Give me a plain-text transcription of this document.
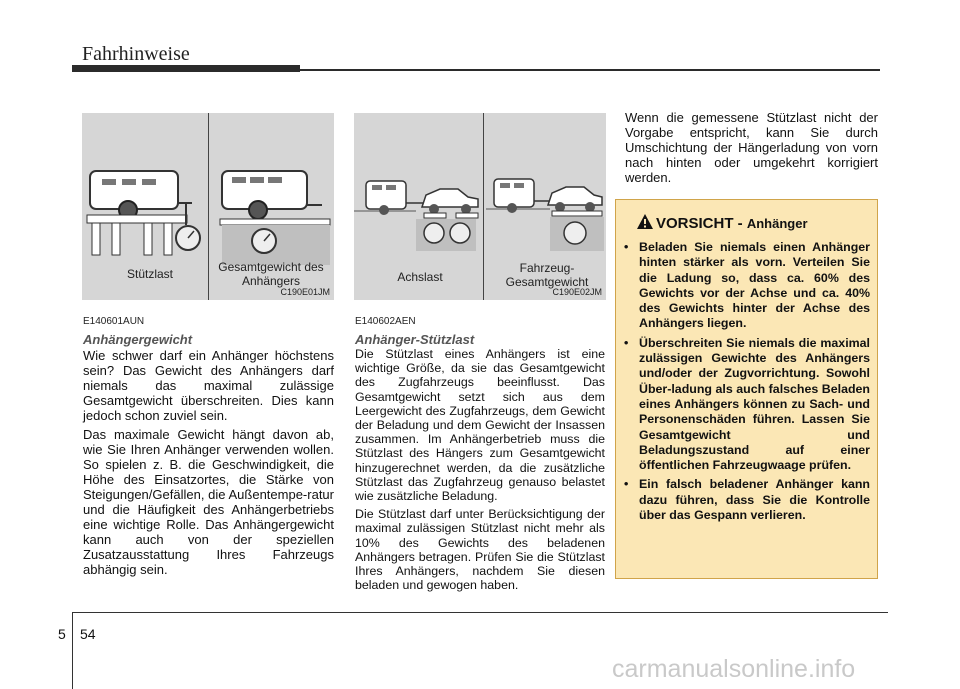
Fahrhinweise
Stützlast	Gesamtgewicht des Anhängers
C190E01JM
Achslast
Fahrzeug-
Gesamtgewicht
C190E02JM
E140601AUN
Anhängergewicht

Wie schwer darf ein Anhänger höchstens sein? Das Gewicht des Anhängers darf niemals das maximal zulässige Gesamtgewicht überschreiten. Dies kann jedoch schon zuviel sein.

Das maximale Gewicht hängt davon ab, wie Sie Ihren Anhänger verwenden wollen. So spielen z. B. die Geschwindigkeit, die Höhe des Einsatzortes, die Stärke von Steigungen/Gefällen, die Außentempe-ratur und die Häufigkeit des Anhängerbetriebs eine wichtige Rolle. Das Anhängergewicht kann auch von der speziellen Zusatzausstattung Ihres Fahrzeugs abhängig sein.

E140602AEN
Anhänger-Stützlast

Die Stützlast eines Anhängers ist eine wichtige Größe, da sie das Gesamtgewicht des Zugfahrzeugs beeinflusst. Das Gesamtgewicht setzt sich aus dem Leergewicht des Zugfahrzeugs, dem Gewicht der Beladung und dem Gewicht der Insassen zusammen. Im Anhängerbetrieb muss die Stützlast des Hängers zum Gesamtgewicht hinzugerechnet werden, da die zusätzliche Stützlast das Zugfahrzeug genauso belastet wie zusätzliche Beladung.

Die Stützlast darf unter Berücksichtigung der maximal zulässigen Stützlast nicht mehr als 10% des Gewichts des beladenen Anhängers betragen. Prüfen Sie die Stützlast Ihres Anhängers, nachdem Sie diesen beladen und gewogen haben.

Wenn die gemessene Stützlast nicht der Vorgabe entspricht, kann Sie durch Umschichtung der Hängerladung von vorn nach hinten oder umgekehrt korrigiert werden.
VORSICHT - Anhänger
• Beladen Sie niemals einen Anhänger hinten stärker als vorn. Verteilen Sie die Ladung so, dass ca. 60% des Gewichts vor der Achse und ca. 40% des Gewichts hinter der Achse des Anhängers liegen.
• Überschreiten Sie niemals die maximal zulässigen Gewichte des Anhängers und/oder der Zugvorrichtung. Sowohl Über-ladung als auch falsches Beladen eines Anhängers können zu Sach- und Personenschäden führen. Lassen Sie Gesamtgewicht und Beladungszustand auf einer öffentlichen Fahrzeugwaage prüfen.
• Ein falsch beladener Anhänger kann dazu führen, dass Sie die Kontrolle über das Gespann verlieren.
5 54
carmanualsonline.info
